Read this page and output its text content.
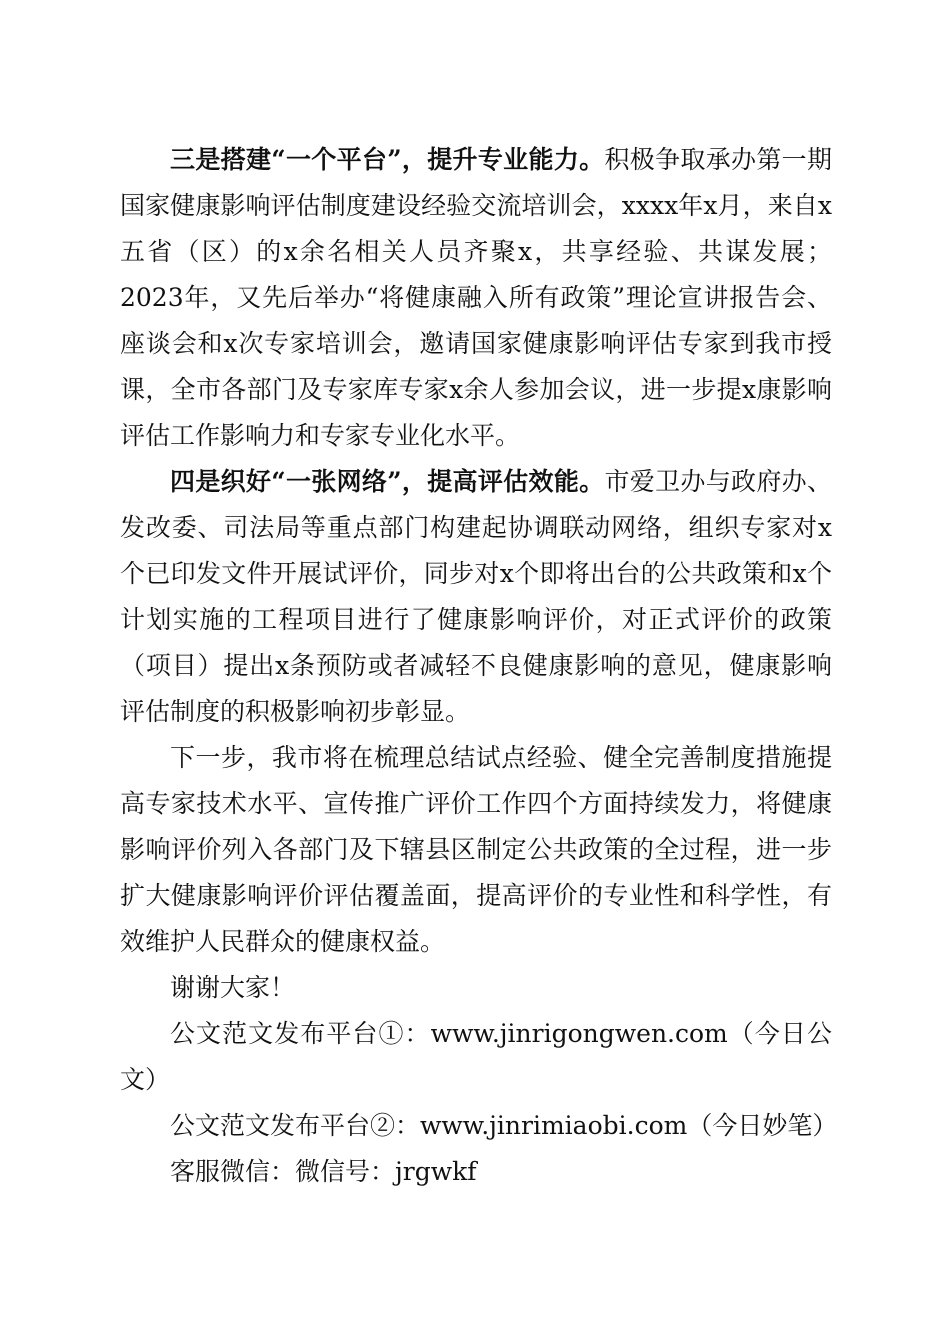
三是搭建“一个平台”，提升专业能力。积极争取承办第一期国家健康影响评估制度建设经验交流培训会，xxxx年x月，来自x五省（区）的x余名相关人员齐聚x，共享经验、共谋发展；2023年，又先后举办“将健康融入所有政策”理论宣讲报告会、座谈会和x次专家培训会，邀请国家健康影响评估专家到我市授课，全市各部门及专家库专家x余人参加会议，进一步提x康影响评估工作影响力和专家专业化水平。

四是织好“一张网络”，提高评估效能。市爱卫办与政府办、发改委、司法局等重点部门构建起协调联动网络，组织专家对x个已印发文件开展试评价，同步对x个即将出台的公共政策和x个计划实施的工程项目进行了健康影响评价，对正式评价的政策（项目）提出x条预防或者减轻不良健康影响的意见，健康影响评估制度的积极影响初步彰显。

下一步，我市将在梳理总结试点经验、健全完善制度措施提高专家技术水平、宣传推广评价工作四个方面持续发力，将健康影响评价列入各部门及下辖县区制定公共政策的全过程，进一步扩大健康影响评价评估覆盖面，提高评价的专业性和科学性，有效维护人民群众的健康权益。

谢谢大家！

公文范文发布平台①：www.jinrigongwen.com（今日公文）

公文范文发布平台②：www.jinrimiaobi.com（今日妙笔）

客服微信：微信号：jrgwkf
